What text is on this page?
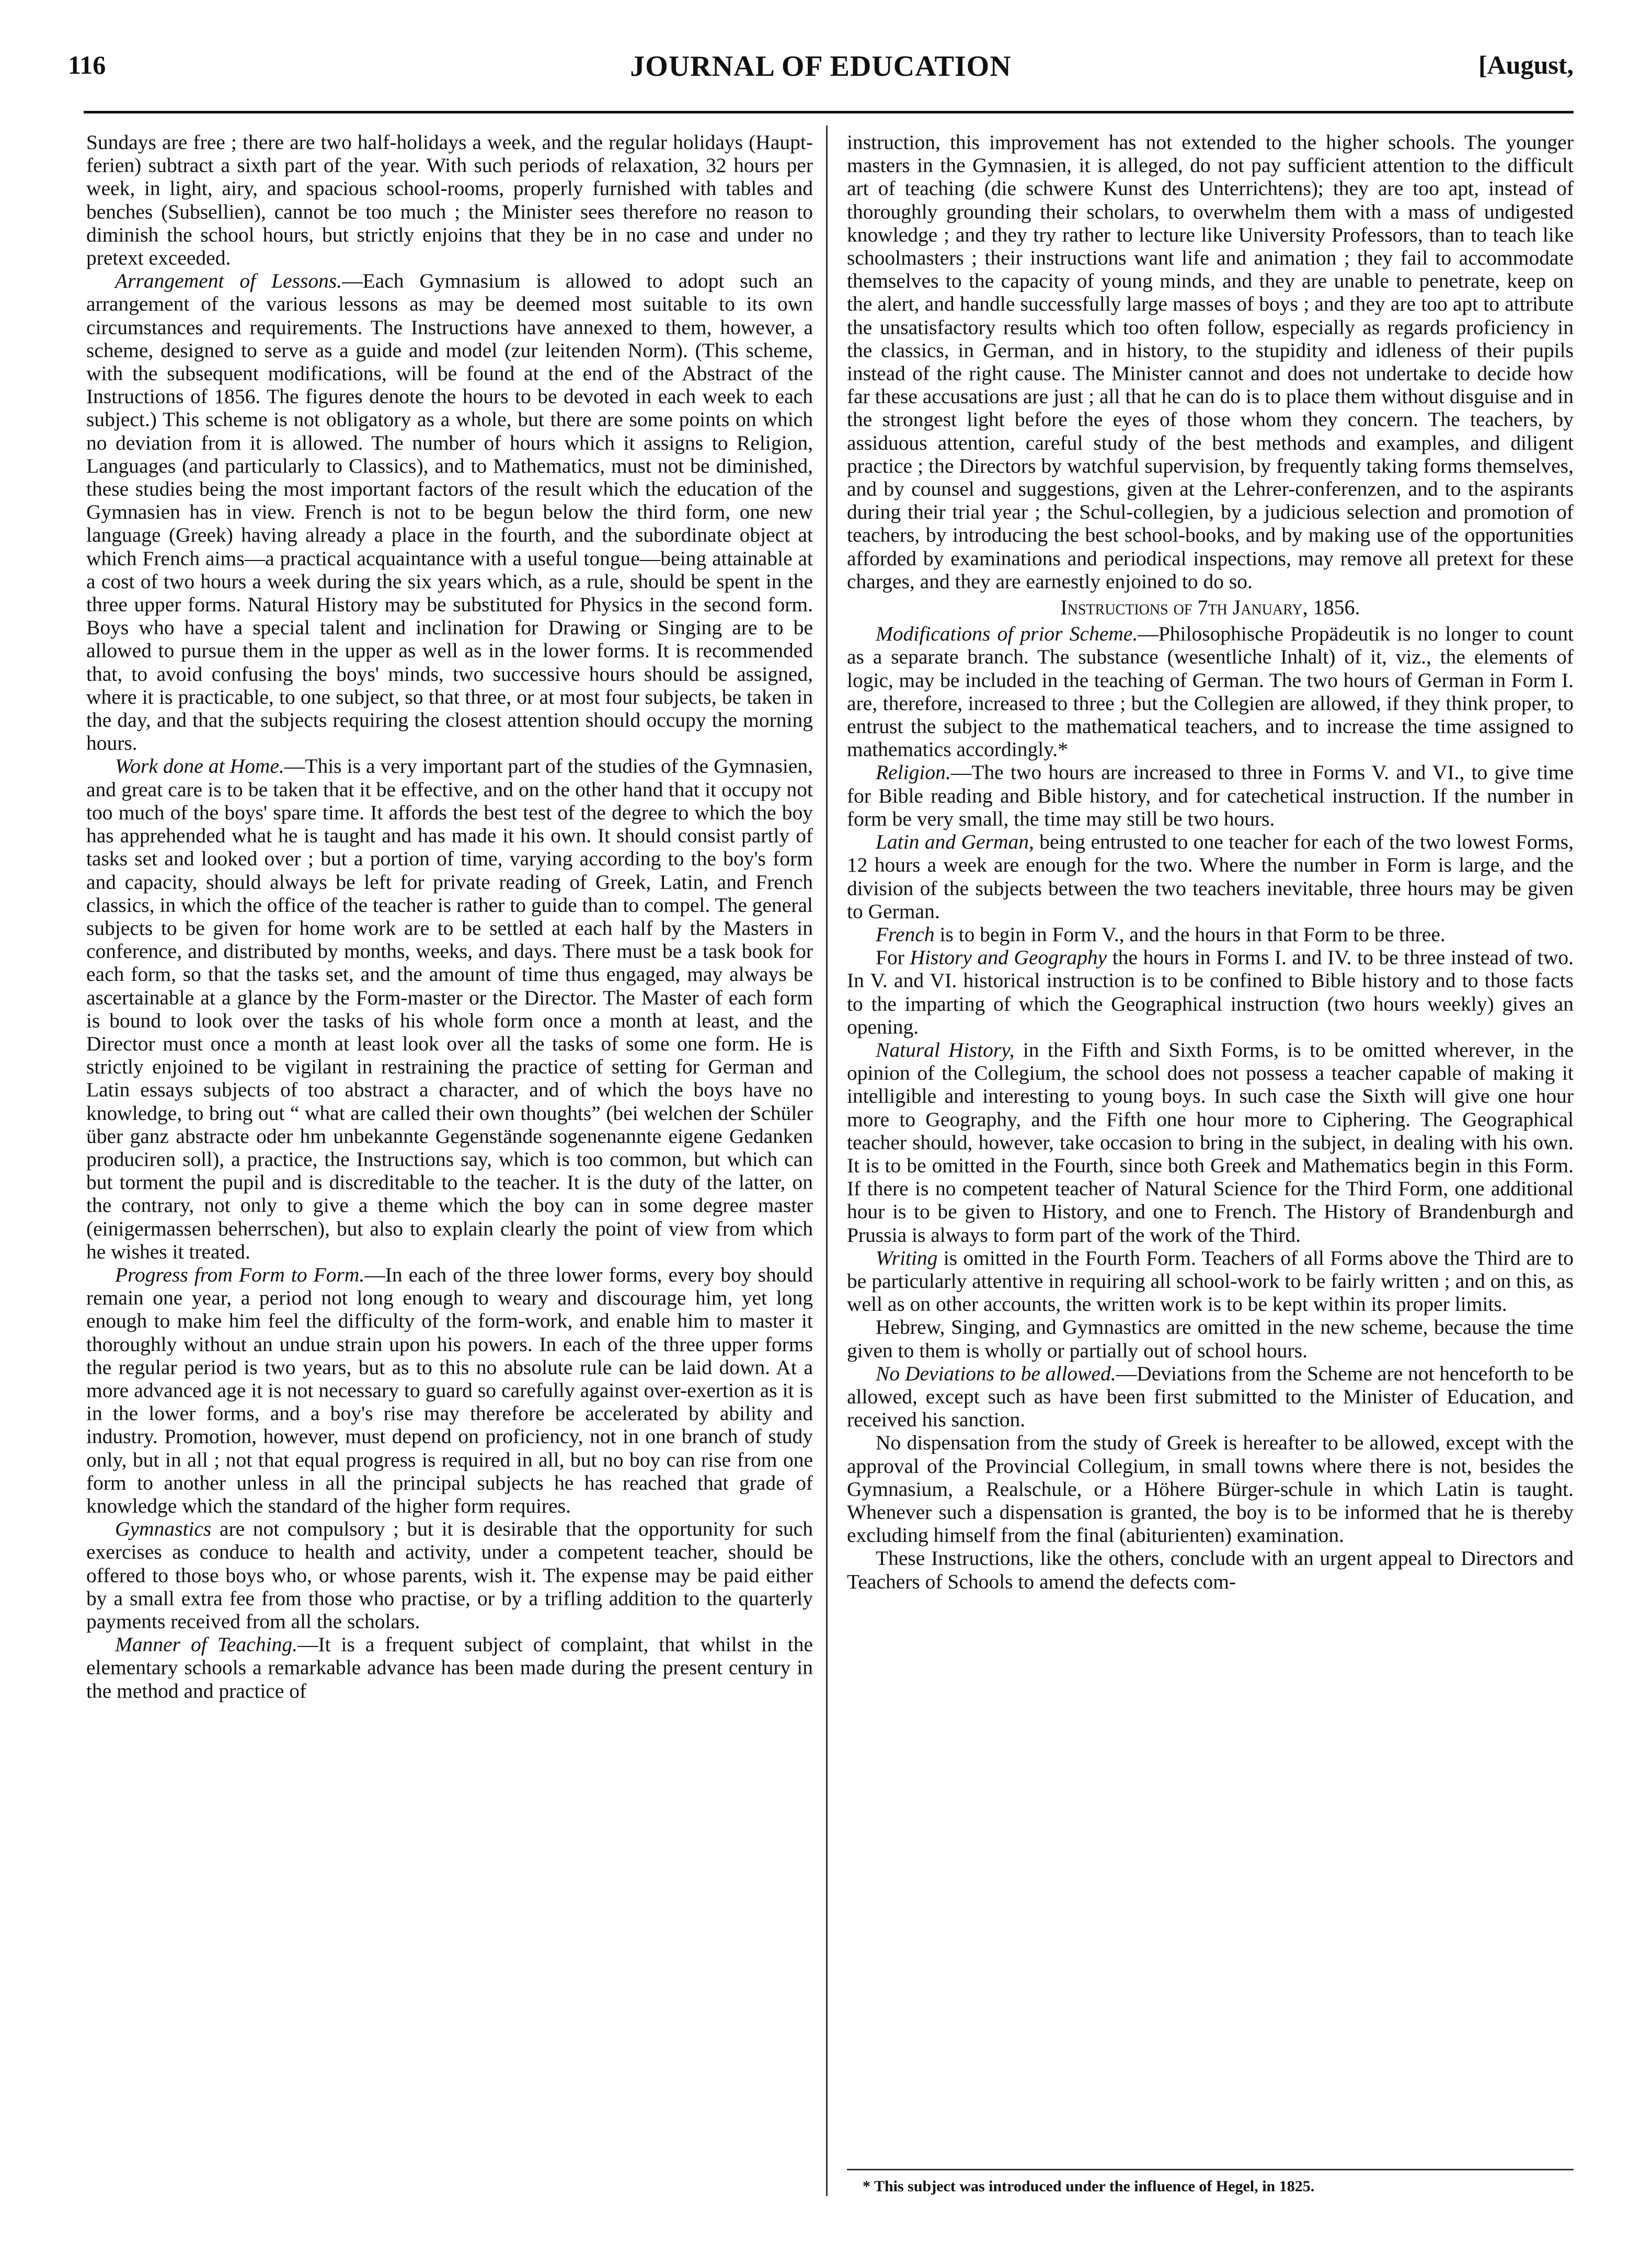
116	JOURNAL OF EDUCATION	[August,

Sundays are free ; there are two half-holidays a week, and the regular holidays (Haupt-ferien) subtract a sixth part of the year. With such periods of relaxation, 32 hours per week, in light, airy, and spacious school-rooms, properly furnished with tables and benches (Subsellien), cannot be too much ; the Minister sees therefore no reason to diminish the school hours, but strictly enjoins that they be in no case and under no pretext exceeded.

Arrangement of Lessons.—Each Gymnasium is allowed to adopt such an arrangement of the various lessons as may be deemed most suitable to its own circumstances and requirements. The Instructions have annexed to them, however, a scheme, designed to serve as a guide and model (zur leitenden Norm). (This scheme, with the subsequent modifications, will be found at the end of the Abstract of the Instructions of 1856. The figures denote the hours to be devoted in each week to each subject.) This scheme is not obligatory as a whole, but there are some points on which no deviation from it is allowed. The number of hours which it assigns to Religion, Languages (and particularly to Classics), and to Mathematics, must not be diminished, these studies being the most important factors of the result which the education of the Gymnasien has in view. French is not to be begun below the third form, one new language (Greek) having already a place in the fourth, and the subordinate object at which French aims—a practical acquaintance with a useful tongue—being attainable at a cost of two hours a week during the six years which, as a rule, should be spent in the three upper forms. Natural History may be substituted for Physics in the second form. Boys who have a special talent and inclination for Drawing or Singing are to be allowed to pursue them in the upper as well as in the lower forms. It is recommended that, to avoid confusing the boys' minds, two successive hours should be assigned, where it is practicable, to one subject, so that three, or at most four subjects, be taken in the day, and that the subjects requiring the closest attention should occupy the morning hours.

Work done at Home.—This is a very important part of the studies of the Gymnasien, and great care is to be taken that it be effective, and on the other hand that it occupy not too much of the boys' spare time. It affords the best test of the degree to which the boy has apprehended what he is taught and has made it his own. It should consist partly of tasks set and looked over ; but a portion of time, varying according to the boy's form and capacity, should always be left for private reading of Greek, Latin, and French classics, in which the office of the teacher is rather to guide than to compel. The general subjects to be given for home work are to be settled at each half by the Masters in conference, and distributed by months, weeks, and days. There must be a task book for each form, so that the tasks set, and the amount of time thus engaged, may always be ascertainable at a glance by the Form-master or the Director. The Master of each form is bound to look over the tasks of his whole form once a month at least, and the Director must once a month at least look over all the tasks of some one form. He is strictly enjoined to be vigilant in restraining the practice of setting for German and Latin essays subjects of too abstract a character, and of which the boys have no knowledge, to bring out “ what are called their own thoughts” (bei welchen der Schüler über ganz abstracte oder hm unbekannte Gegenstände sogenenannte eigene Gedanken produciren soll), a practice, the Instructions say, which is too common, but which can but torment the pupil and is discreditable to the teacher. It is the duty of the latter, on the contrary, not only to give a theme which the boy can in some degree master (einigermassen beherrschen), but also to explain clearly the point of view from which he wishes it treated.

Progress from Form to Form.—In each of the three lower forms, every boy should remain one year, a period not long enough to weary and discourage him, yet long enough to make him feel the difficulty of the form-work, and enable him to master it thoroughly without an undue strain upon his powers. In each of the three upper forms the regular period is two years, but as to this no absolute rule can be laid down. At a more advanced age it is not necessary to guard so carefully against over-exertion as it is in the lower forms, and a boy's rise may therefore be accelerated by ability and industry. Promotion, however, must depend on proficiency, not in one branch of study only, but in all ; not that equal progress is required in all, but no boy can rise from one form to another unless in all the principal subjects he has reached that grade of knowledge which the standard of the higher form requires.

Gymnastics are not compulsory ; but it is desirable that the opportunity for such exercises as conduce to health and activity, under a competent teacher, should be offered to those boys who, or whose parents, wish it. The expense may be paid either by a small extra fee from those who practise, or by a trifling addition to the quarterly payments received from all the scholars.

Manner of Teaching.—It is a frequent subject of complaint, that whilst in the elementary schools a remarkable advance has been made during the present century in the method and practice of

instruction, this improvement has not extended to the higher schools. The younger masters in the Gymnasien, it is alleged, do not pay sufficient attention to the difficult art of teaching (die schwere Kunst des Unterrichtens); they are too apt, instead of thoroughly grounding their scholars, to overwhelm them with a mass of undigested knowledge ; and they try rather to lecture like University Professors, than to teach like schoolmasters ; their instructions want life and animation ; they fail to accommodate themselves to the capacity of young minds, and they are unable to penetrate, keep on the alert, and handle successfully large masses of boys ; and they are too apt to attribute the unsatisfactory results which too often follow, especially as regards proficiency in the classics, in German, and in history, to the stupidity and idleness of their pupils instead of the right cause. The Minister cannot and does not undertake to decide how far these accusations are just ; all that he can do is to place them without disguise and in the strongest light before the eyes of those whom they concern. The teachers, by assiduous attention, careful study of the best methods and examples, and diligent practice ; the Directors by watchful supervision, by frequently taking forms themselves, and by counsel and suggestions, given at the Lehrer-conferenzen, and to the aspirants during their trial year ; the Schul-collegien, by a judicious selection and promotion of teachers, by introducing the best school-books, and by making use of the opportunities afforded by examinations and periodical inspections, may remove all pretext for these charges, and they are earnestly enjoined to do so.

Instructions of 7th January, 1856.

Modifications of prior Scheme.—Philosophische Propädeutik is no longer to count as a separate branch. The substance (wesentliche Inhalt) of it, viz., the elements of logic, may be included in the teaching of German. The two hours of German in Form I. are, therefore, increased to three ; but the Collegien are allowed, if they think proper, to entrust the subject to the mathematical teachers, and to increase the time assigned to mathematics accordingly.*

Religion.—The two hours are increased to three in Forms V. and VI., to give time for Bible reading and Bible history, and for catechetical instruction. If the number in form be very small, the time may still be two hours.

Latin and German, being entrusted to one teacher for each of the two lowest Forms, 12 hours a week are enough for the two. Where the number in Form is large, and the division of the subjects between the two teachers inevitable, three hours may be given to German.

French is to begin in Form V., and the hours in that Form to be three.

For History and Geography the hours in Forms I. and IV. to be three instead of two. In V. and VI. historical instruction is to be confined to Bible history and to those facts to the imparting of which the Geographical instruction (two hours weekly) gives an opening.

Natural History, in the Fifth and Sixth Forms, is to be omitted wherever, in the opinion of the Collegium, the school does not possess a teacher capable of making it intelligible and interesting to young boys. In such case the Sixth will give one hour more to Geography, and the Fifth one hour more to Ciphering. The Geographical teacher should, however, take occasion to bring in the subject, in dealing with his own. It is to be omitted in the Fourth, since both Greek and Mathematics begin in this Form. If there is no competent teacher of Natural Science for the Third Form, one additional hour is to be given to History, and one to French. The History of Brandenburgh and Prussia is always to form part of the work of the Third.

Writing is omitted in the Fourth Form. Teachers of all Forms above the Third are to be particularly attentive in requiring all school-work to be fairly written ; and on this, as well as on other accounts, the written work is to be kept within its proper limits.

Hebrew, Singing, and Gymnastics are omitted in the new scheme, because the time given to them is wholly or partially out of school hours.

No Deviations to be allowed.—Deviations from the Scheme are not henceforth to be allowed, except such as have been first submitted to the Minister of Education, and received his sanction.

No dispensation from the study of Greek is hereafter to be allowed, except with the approval of the Provincial Collegium, in small towns where there is not, besides the Gymnasium, a Realschule, or a Höhere Bürger-schule in which Latin is taught. Whenever such a dispensation is granted, the boy is to be informed that he is thereby excluding himself from the final (abiturienten) examination.

These Instructions, like the others, conclude with an urgent appeal to Directors and Teachers of Schools to amend the defects com-

* This subject was introduced under the influence of Hegel, in 1825.
